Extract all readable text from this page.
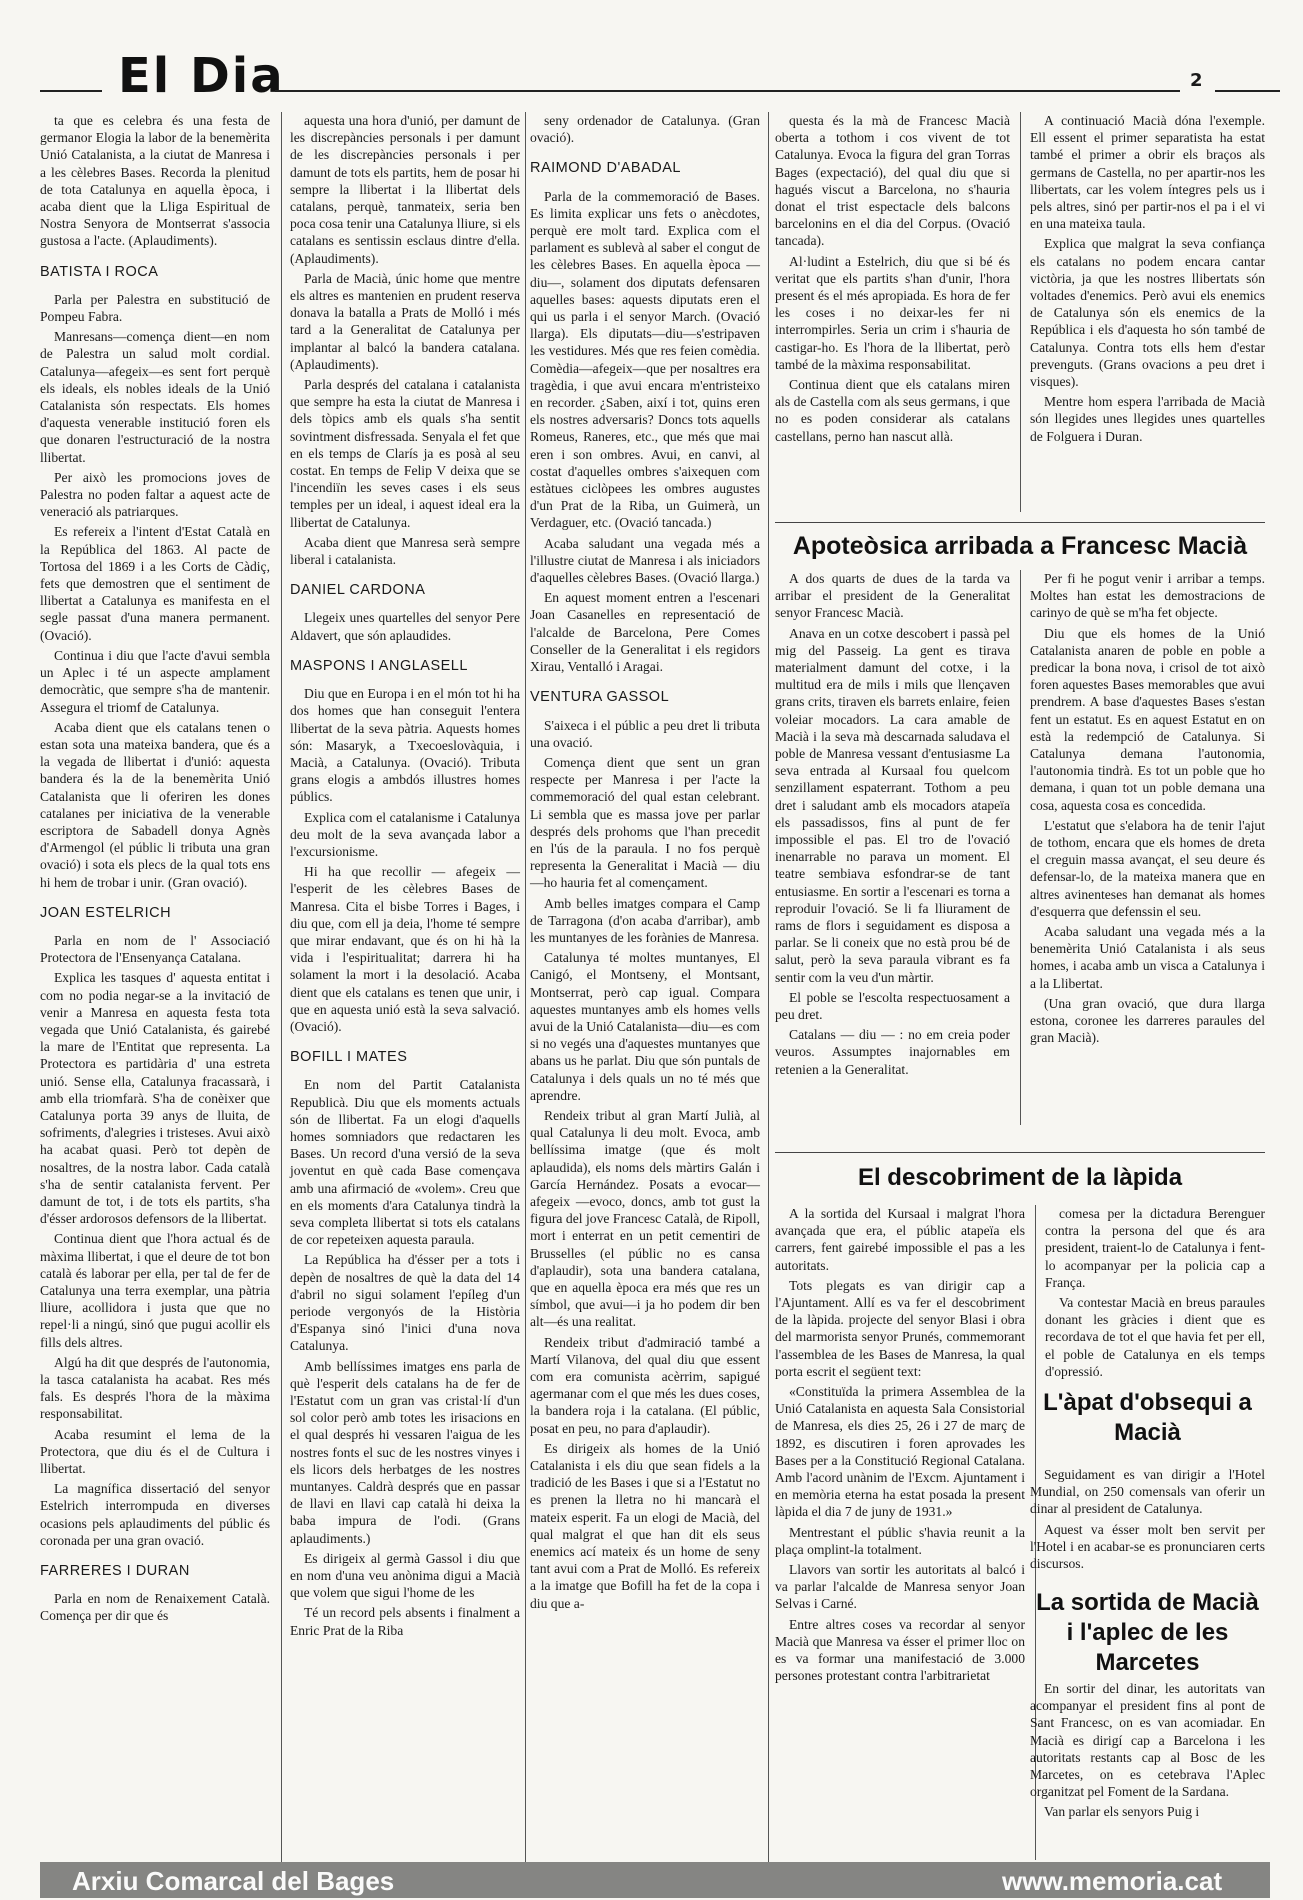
El Dia	2

ta que es celebra és una festa de germanor Elogia la labor de la benemèrita Unió Catalanista, a la ciutat de Manresa i a les cèlebres Bases. Recorda la plenitud de tota Catalunya en aquella època, i acaba dient que la Lliga Espiritual de Nostra Senyora de Montserrat s'associa gustosa a l'acte. (Aplaudiments).

BATISTA I ROCA

Parla per Palestra en substitució de Pompeu Fabra.

Manresans—comença dient—en nom de Palestra un salud molt cordial. Catalunya—afegeix—es sent fort perquè els ideals, els nobles ideals de la Unió Catalanista són respectats. Els homes d'aquesta venerable institució foren els que donaren l'estructuració de la nostra llibertat.

Per això les promocions joves de Palestra no poden faltar a aquest acte de veneració als patriarques.

Es refereix a l'intent d'Estat Català en la República del 1863. Al pacte de Tortosa del 1869 i a les Corts de Càdiç, fets que demostren que el sentiment de llibertat a Catalunya es manifesta en el segle passat d'una manera permanent. (Ovació).

Continua i diu que l'acte d'avui sembla un Aplec i té un aspecte amplament democràtic, que sempre s'ha de mantenir. Assegura el triomf de Catalunya.

Acaba dient que els catalans tenen o estan sota una mateixa bandera, que és a la vegada de llibertat i d'unió: aquesta bandera és la de la benemèrita Unió Catalanista que li oferiren les dones catalanes per iniciativa de la venerable escriptora de Sabadell donya Agnès d'Armengol (el públic li tributa una gran ovació) i sota els plecs de la qual tots ens hi hem de trobar i unir. (Gran ovació).

JOAN ESTELRICH

Parla en nom de l' Associació Protectora de l'Ensenyança Catalana.

Explica les tasques d' aquesta entitat i com no podia negar-se a la invitació de venir a Manresa en aquesta festa tota vegada que Unió Catalanista, és gairebé la mare de l'Entitat que representa. La Protectora es partidària d' una estreta unió. Sense ella, Catalunya fracassarà, i amb ella triomfarà. S'ha de conèixer que Catalunya porta 39 anys de lluita, de sofriments, d'alegries i tristeses. Avui això ha acabat quasi. Però tot depèn de nosaltres, de la nostra labor. Cada català s'ha de sentir catalanista fervent. Per damunt de tot, i de tots els partits, s'ha d'ésser ardorosos defensors de la llibertat.

Continua dient que l'hora actual és de màxima llibertat, i que el deure de tot bon català és laborar per ella, per tal de fer de Catalunya una terra exemplar, una pàtria lliure, acollidora i justa que que no repel·li a ningú, sinó que pugui acollir els fills dels altres.

Algú ha dit que després de l'autonomia, la tasca catalanista ha acabat. Res més fals. Es després l'hora de la màxima responsabilitat.

Acaba resumint el lema de la Protectora, que diu és el de Cultura i llibertat.

La magnífica dissertació del senyor Estelrich interrompuda en diverses ocasions pels aplaudiments del públic és coronada per una gran ovació.

FARRERES I DURAN

Parla en nom de Renaixement Català. Comença per dir que és

aquesta una hora d'unió, per damunt de les discrepàncies personals i per damunt de les discrepàncies personals i per damunt de tots els partits, hem de posar hi sempre la llibertat i la llibertat dels catalans, perquè, tanmateix, seria ben poca cosa tenir una Catalunya lliure, si els catalans es sentissin esclaus dintre d'ella. (Aplaudiments).

Parla de Macià, únic home que mentre els altres es mantenien en prudent reserva donava la batalla a Prats de Molló i més tard a la Generalitat de Catalunya per implantar al balcó la bandera catalana. (Aplaudiments).

Parla després del catalana i catalanista que sempre ha esta la ciutat de Manresa i dels tòpics amb els quals s'ha sentit sovintment disfressada. Senyala el fet que en els temps de Clarís ja es posà al seu costat. En temps de Felip V deixa que se l'incendiïn les seves cases i els seus temples per un ideal, i aquest ideal era la llibertat de Catalunya.

Acaba dient que Manresa serà sempre liberal i catalanista.

DANIEL CARDONA

Llegeix unes quartelles del senyor Pere Aldavert, que són aplaudides.

MASPONS I ANGLASELL

Diu que en Europa i en el món tot hi ha dos homes que han conseguit l'entera llibertat de la seva pàtria. Aquests homes són: Masaryk, a Txecoeslovàquia, i Macià, a Catalunya. (Ovació). Tributa grans elogis a ambdós illustres homes públics.

Explica com el catalanisme i Catalunya deu molt de la seva avançada labor a l'excursionisme.

Hi ha que recollir — afegeix — l'esperit de les cèlebres Bases de Manresa. Cita el bisbe Torres i Bages, i diu que, com ell ja deia, l'home té sempre que mirar endavant, que és on hi hà la vida i l'espiritualitat; darrera hi ha solament la mort i la desolació. Acaba dient que els catalans es tenen que unir, i que en aquesta unió està la seva salvació. (Ovació).

BOFILL I MATES

En nom del Partit Catalanista Republicà. Diu que els moments actuals són de llibertat. Fa un elogi d'aquells homes somniadors que redactaren les Bases. Un record d'una versió de la seva joventut en què cada Base començava amb una afirmació de «volem». Creu que en els moments d'ara Catalunya tindrà la seva completa llibertat si tots els catalans de cor repeteixen aquesta paraula.

La República ha d'ésser per a tots i depèn de nosaltres de què la data del 14 d'abril no sigui solament l'epíleg d'un periode vergonyós de la Història d'Espanya sinó l'inici d'una nova Catalunya.

Amb bellíssimes imatges ens parla de què l'esperit dels catalans ha de fer de l'Estatut com un gran vas cristal·lí d'un sol color però amb totes les irisacions en el qual després hi vessaren l'aigua de les nostres fonts el suc de les nostres vinyes i els licors dels herbatges de les nostres muntanyes. Caldrà després que en passar de llavi en llavi cap català hi deixa la baba impura de l'odi. (Grans aplaudiments.)

Es dirigeix al germà Gassol i diu que en nom d'una veu anònima digui a Macià que volem que sigui l'home de les

Té un record pels absents i finalment a Enric Prat de la Riba

seny ordenador de Catalunya. (Gran ovació).

RAIMOND D'ABADAL

Parla de la commemoració de Bases. Es limita explicar uns fets o anècdotes, perquè ere molt tard. Explica com el parlament es sublevà al saber el congut de les cèlebres Bases. En aquella època —diu—, solament dos diputats defensaren aquelles bases: aquests diputats eren el qui us parla i el senyor March. (Ovació llarga). Els diputats—diu—s'estripaven les vestidures. Més que res feien comèdia. Comèdia—afegeix—que per nosaltres era tragèdia, i que avui encara m'entristeixo en recorder. ¿Saben, així i tot, quins eren els nostres adversaris? Doncs tots aquells Romeus, Raneres, etc., que més que mai eren i son ombres. Avui, en canvi, al costat d'aquelles ombres s'aixequen com estàtues ciclòpees les ombres augustes d'un Prat de la Riba, un Guimerà, un Verdaguer, etc. (Ovació tancada.)

Acaba saludant una vegada més a l'illustre ciutat de Manresa i als iniciadors d'aquelles cèlebres Bases. (Ovació llarga.)

En aquest moment entren a l'escenari Joan Casanelles en representació de l'alcalde de Barcelona, Pere Comes Conseller de la Generalitat i els regidors Xirau, Ventalló i Aragai.

VENTURA GASSOL

S'aixeca i el públic a peu dret li tributa una ovació.

Comença dient que sent un gran respecte per Manresa i per l'acte la commemoració del qual estan celebrant. Li sembla que es massa jove per parlar després dels prohoms que l'han precedit en l'ús de la paraula. I no fos perquè representa la Generalitat i Macià — diu —ho hauria fet al començament.

Amb belles imatges compara el Camp de Tarragona (d'on acaba d'arribar), amb les muntanyes de les forànies de Manresa.

Catalunya té moltes muntanyes, El Canigó, el Montseny, el Montsant, Montserrat, però cap igual. Compara aquestes muntanyes amb els homes vells avui de la Unió Catalanista—diu—es com si no vegés una d'aquestes muntanyes que abans us he parlat. Diu que són puntals de Catalunya i dels quals un no té més que aprendre.

Rendeix tribut al gran Martí Julià, al qual Catalunya li deu molt. Evoca, amb bellíssima imatge (que és molt aplaudida), els noms dels màrtirs Galán i García Hernández. Posats a evocar— afegeix —evoco, doncs, amb tot gust la figura del jove Francesc Català, de Ripoll, mort i enterrat en un petit cementiri de Brusselles (el públic no es cansa d'aplaudir), sota una bandera catalana, que en aquella època era més que res un símbol, que avui—i ja ho podem dir ben alt—és una realitat.

Rendeix tribut d'admiració també a Martí Vilanova, del qual diu que essent com era comunista acèrrim, sapigué agermanar com el que més les dues coses, la bandera roja i la catalana. (El públic, posat en peu, no para d'aplaudir).

Es dirigeix als homes de la Unió Catalanista i els diu que sean fidels a la tradició de les Bases i que si a l'Estatut no es prenen la lletra no hi mancarà el mateix esperit. Fa un elogi de Macià, del qual malgrat el que han dit els seus enemics ací mateix és un home de seny tant avui com a Prat de Molló. Es refereix a la imatge que Bofill ha fet de la copa i diu que a-

questa és la mà de Francesc Macià oberta a tothom i cos vivent de tot Catalunya. Evoca la figura del gran Torras Bages (expectació), del qual diu que si hagués viscut a Barcelona, no s'hauria donat el trist espectacle dels balcons barcelonins en el dia del Corpus. (Ovació tancada).

Al·ludint a Estelrich, diu que si bé és veritat que els partits s'han d'unir, l'hora present és el més apropiada. Es hora de fer les coses i no deixar-les fer ni interrompirles. Seria un crim i s'hauria de castigar-ho. Es l'hora de la llibertat, però també de la màxima responsabilitat.

Continua dient que els catalans miren als de Castella com als seus germans, i que no es poden considerar als catalans castellans, perno han nascut allà.

A continuació Macià dóna l'exemple. Ell essent el primer separatista ha estat també el primer a obrir els braços als germans de Castella, no per apartir-nos les llibertats, car les volem íntegres pels us i pels altres, sinó per partir-nos el pa i el vi en una mateixa taula.

Explica que malgrat la seva confiança els catalans no podem encara cantar victòria, ja que les nostres llibertats són voltades d'enemics. Però avui els enemics de Catalunya són els enemics de la República i els d'aquesta ho són també de Catalunya. Contra tots ells hem d'estar prevenguts. (Grans ovacions a peu dret i visques).

Mentre hom espera l'arribada de Macià són llegides unes llegides unes quartelles de Folguera i Duran.

Apoteòsica arribada a Francesc Macià

A dos quarts de dues de la tarda va arribar el president de la Generalitat senyor Francesc Macià.

Anava en un cotxe descobert i passà pel mig del Passeig. La gent es tirava materialment damunt del cotxe, i la multitud era de mils i mils que llençaven grans crits, tiraven els barrets enlaire, feien voleiar mocadors. La cara amable de Macià i la seva mà descarnada saludava el poble de Manresa vessant d'entusiasme La seva entrada al Kursaal fou quelcom senzillament espaterrant. Tothom a peu dret i saludant amb els mocadors atapeïa els passadissos, fins al punt de fer impossible el pas. El tro de l'ovació inenarrable no parava un moment. El teatre sembiava esfondrar-se de tant entusiasme. En sortir a l'escenari es torna a reproduir l'ovació. Se li fa lliurament de rams de flors i seguidament es disposa a parlar. Se li coneix que no està prou bé de salut, però la seva paraula vibrant es fa sentir com la veu d'un màrtir.

El poble se l'escolta respectuosament a peu dret.

Catalans — diu — : no em creia poder veuros. Assumptes inajornables em retenien a la Generalitat.

Per fi he pogut venir i arribar a temps. Moltes han estat les demostracions de carinyo de què se m'ha fet objecte.

Diu que els homes de la Unió Catalanista anaren de poble en poble a predicar la bona nova, i crisol de tot això foren aquestes Bases memorables que avui prendrem. A base d'aquestes Bases s'estan fent un estatut. Es en aquest Estatut en on està la redempció de Catalunya. Si Catalunya demana l'autonomia, l'autonomia tindrà. Es tot un poble que ho demana, i quan tot un poble demana una cosa, aquesta cosa es concedida.

L'estatut que s'elabora ha de tenir l'ajut de tothom, encara que els homes de dreta el creguin massa avançat, el seu deure és defensar-lo, de la mateixa manera que en altres avinenteses han demanat als homes d'esquerra que defenssin el seu.

Acaba saludant una vegada més a la benemèrita Unió Catalanista i als seus homes, i acaba amb un visca a Catalunya i a la Llibertat.

(Una gran ovació, que dura llarga estona, coronee les darreres paraules del gran Macià).

El descobriment de la làpida

A la sortida del Kursaal i malgrat l'hora avançada que era, el públic atapeïa els carrers, fent gairebé impossible el pas a les autoritats.

Tots plegats es van dirigir cap a l'Ajuntament. Allí es va fer el descobriment de la làpida. projecte del senyor Blasi i obra del marmorista senyor Prunés, commemorant l'assemblea de les Bases de Manresa, la qual porta escrit el següent text:

«Constituïda la primera Assemblea de la Unió Catalanista en aquesta Sala Consistorial de Manresa, els dies 25, 26 i 27 de març de 1892, es discutiren i foren aprovades les Bases per a la Constitució Regional Catalana. Amb l'acord unànim de l'Excm. Ajuntament i en memòria eterna ha estat posada la present làpida el dia 7 de juny de 1931.»

Mentrestant el públic s'havia reunit a la plaça omplint-la totalment.

Llavors van sortir les autoritats al balcó i va parlar l'alcalde de Manresa senyor Joan Selvas i Carné.

Entre altres coses va recordar al senyor Macià que Manresa va ésser el primer lloc on es va formar una manifestació de 3.000 persones protestant contra l'arbitrarietat

comesa per la dictadura Berenguer contra la persona del que és ara president, traient-lo de Catalunya i fent-lo acompanyar per la policia cap a França.

Va contestar Macià en breus paraules donant les gràcies i dient que es recordava de tot el que havia fet per ell, el poble de Catalunya en els temps d'opressió.

L'àpat d'obsequi a Macià

Seguidament es van dirigir a l'Hotel Mundial, on 250 comensals van oferir un dinar al president de Catalunya.

Aquest va ésser molt ben servit per l'Hotel i en acabar-se es pronunciaren certs discursos.

La sortida de Macià i l'aplec de les Marcetes

En sortir del dinar, les autoritats van acompanyar el president fins al pont de Sant Francesc, on es van acomiadar. En Macià es dirigí cap a Barcelona i les autoritats restants cap al Bosc de les Marcetes, on es cetebrava l'Aplec organitzat pel Foment de la Sardana.

Van parlar els senyors Puig i

Arxiu Comarcal del Bages	www.memoria.cat
